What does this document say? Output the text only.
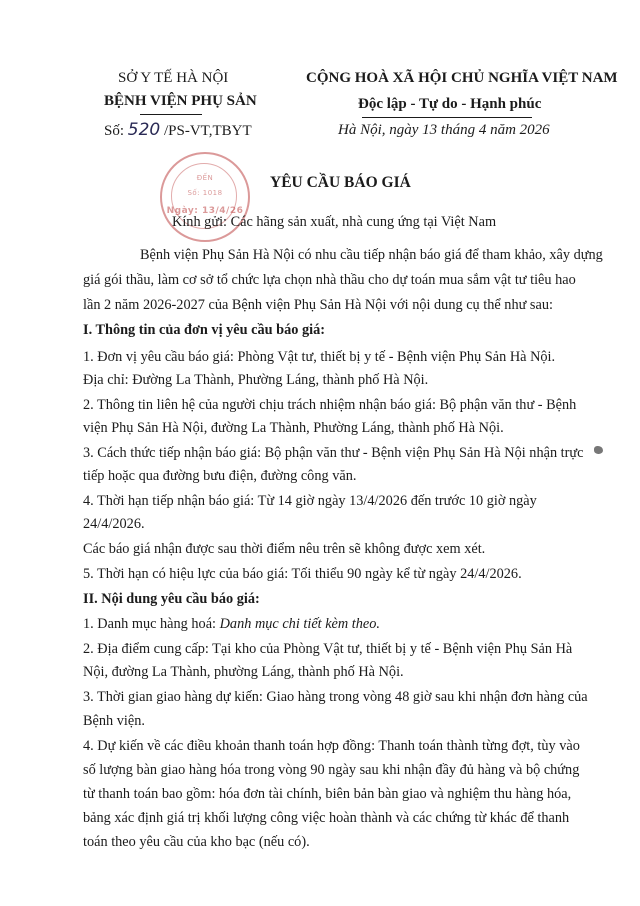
SỞ Y TẾ HÀ NỘI
BỆNH VIỆN PHỤ SẢN
Số: 520 /PS-VT,TBYT
CỘNG HOÀ XÃ HỘI CHỦ NGHĨA VIỆT NAM
Độc lập - Tự do - Hạnh phúc
Hà Nội, ngày 13 tháng 4 năm 2026
ĐẾN
Số: 1018
Ngày: 13/4/26
YÊU CẦU BÁO GIÁ
Kính gửi: Các hãng sản xuất, nhà cung ứng tại Việt Nam
Bệnh viện Phụ Sản Hà Nội có nhu cầu tiếp nhận báo giá để tham khảo, xây dựng
giá gói thầu, làm cơ sở tổ chức lựa chọn nhà thầu cho dự toán mua sắm vật tư tiêu hao
lần 2 năm 2026-2027 của Bệnh viện Phụ Sản Hà Nội với nội dung cụ thể như sau:
I. Thông tin của đơn vị yêu cầu báo giá:
1. Đơn vị yêu cầu báo giá: Phòng Vật tư, thiết bị y tế - Bệnh viện Phụ Sản Hà Nội.
Địa chỉ: Đường La Thành, Phường Láng, thành phố Hà Nội.
2. Thông tin liên hệ của người chịu trách nhiệm nhận báo giá: Bộ phận văn thư - Bệnh
viện Phụ Sản Hà Nội, đường La Thành, Phường Láng, thành phố Hà Nội.
3. Cách thức tiếp nhận báo giá: Bộ phận văn thư - Bệnh viện Phụ Sản Hà Nội nhận trực
tiếp hoặc qua đường bưu điện, đường công văn.
4. Thời hạn tiếp nhận báo giá: Từ 14 giờ ngày 13/4/2026 đến trước 10 giờ ngày
24/4/2026.
Các báo giá nhận được sau thời điểm nêu trên sẽ không được xem xét.
5. Thời hạn có hiệu lực của báo giá: Tối thiểu 90 ngày kể từ ngày 24/4/2026.
II. Nội dung yêu cầu báo giá:
1. Danh mục hàng hoá: Danh mục chi tiết kèm theo.
2. Địa điểm cung cấp: Tại kho của Phòng Vật tư, thiết bị y tế - Bệnh viện Phụ Sản Hà
Nội, đường La Thành, phường Láng, thành phố Hà Nội.
3. Thời gian giao hàng dự kiến: Giao hàng trong vòng 48 giờ sau khi nhận đơn hàng của
Bệnh viện.
4. Dự kiến về các điều khoản thanh toán hợp đồng: Thanh toán thành từng đợt, tùy vào
số lượng bàn giao hàng hóa trong vòng 90 ngày sau khi nhận đầy đủ hàng và bộ chứng
từ thanh toán bao gồm: hóa đơn tài chính, biên bản bàn giao và nghiệm thu hàng hóa,
bảng xác định giá trị khối lượng công việc hoàn thành và các chứng từ khác để thanh
toán theo yêu cầu của kho bạc (nếu có).
